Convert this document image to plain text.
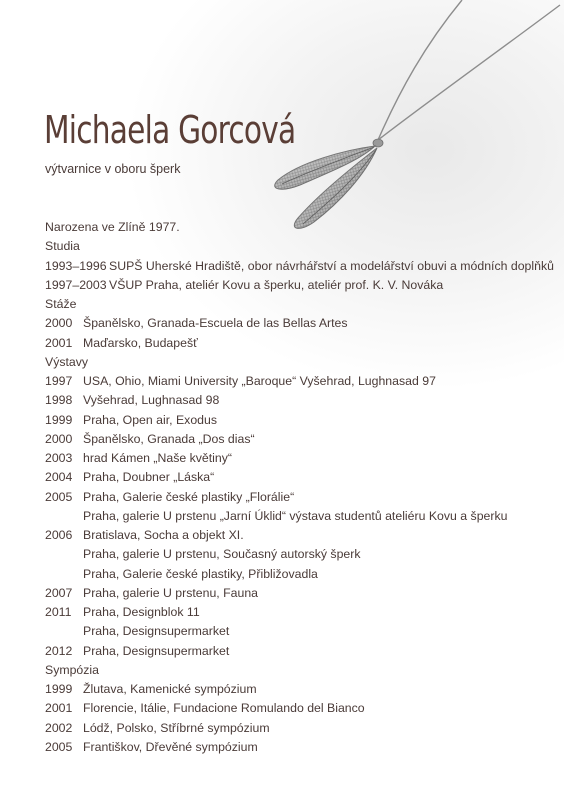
Michaela Gorcová

výtvarnice v oboru šperk

Narozena ve Zlíně 1977.
Studia
1993–1996 SUPŠ Uherské Hradiště, obor návrhářství a modelářství obuvi a módních doplňků
1997–2003 VŠUP Praha, ateliér Kovu a šperku, ateliér prof. K. V. Nováka
Stáže
2000 Španělsko, Granada-Escuela de las Bellas Artes
2001 Maďarsko, Budapešť
Výstavy
1997 USA, Ohio, Miami University „Baroque“ Vyšehrad, Lughnasad 97
1998 Vyšehrad, Lughnasad 98
1999 Praha, Open air, Exodus
2000 Španělsko, Granada „Dos dias“
2003 hrad Kámen „Naše květiny“
2004 Praha, Doubner „Láska“
2005 Praha, Galerie české plastiky „Florálie“
Praha, galerie U prstenu „Jarní Úklid“ výstava studentů ateliéru Kovu a šperku
2006 Bratislava, Socha a objekt XI.
Praha, galerie U prstenu, Současný autorský šperk
Praha, Galerie české plastiky, Přibližovadla
2007 Praha, galerie U prstenu, Fauna
2011 Praha, Designblok 11
Praha, Designsupermarket
2012 Praha, Designsupermarket
Sympózia
1999 Žlutava, Kamenické sympózium
2001 Florencie, Itálie, Fundacione Romulando del Bianco
2002 Lódž, Polsko, Stříbrné sympózium
2005 Františkov, Dřevěné sympózium
